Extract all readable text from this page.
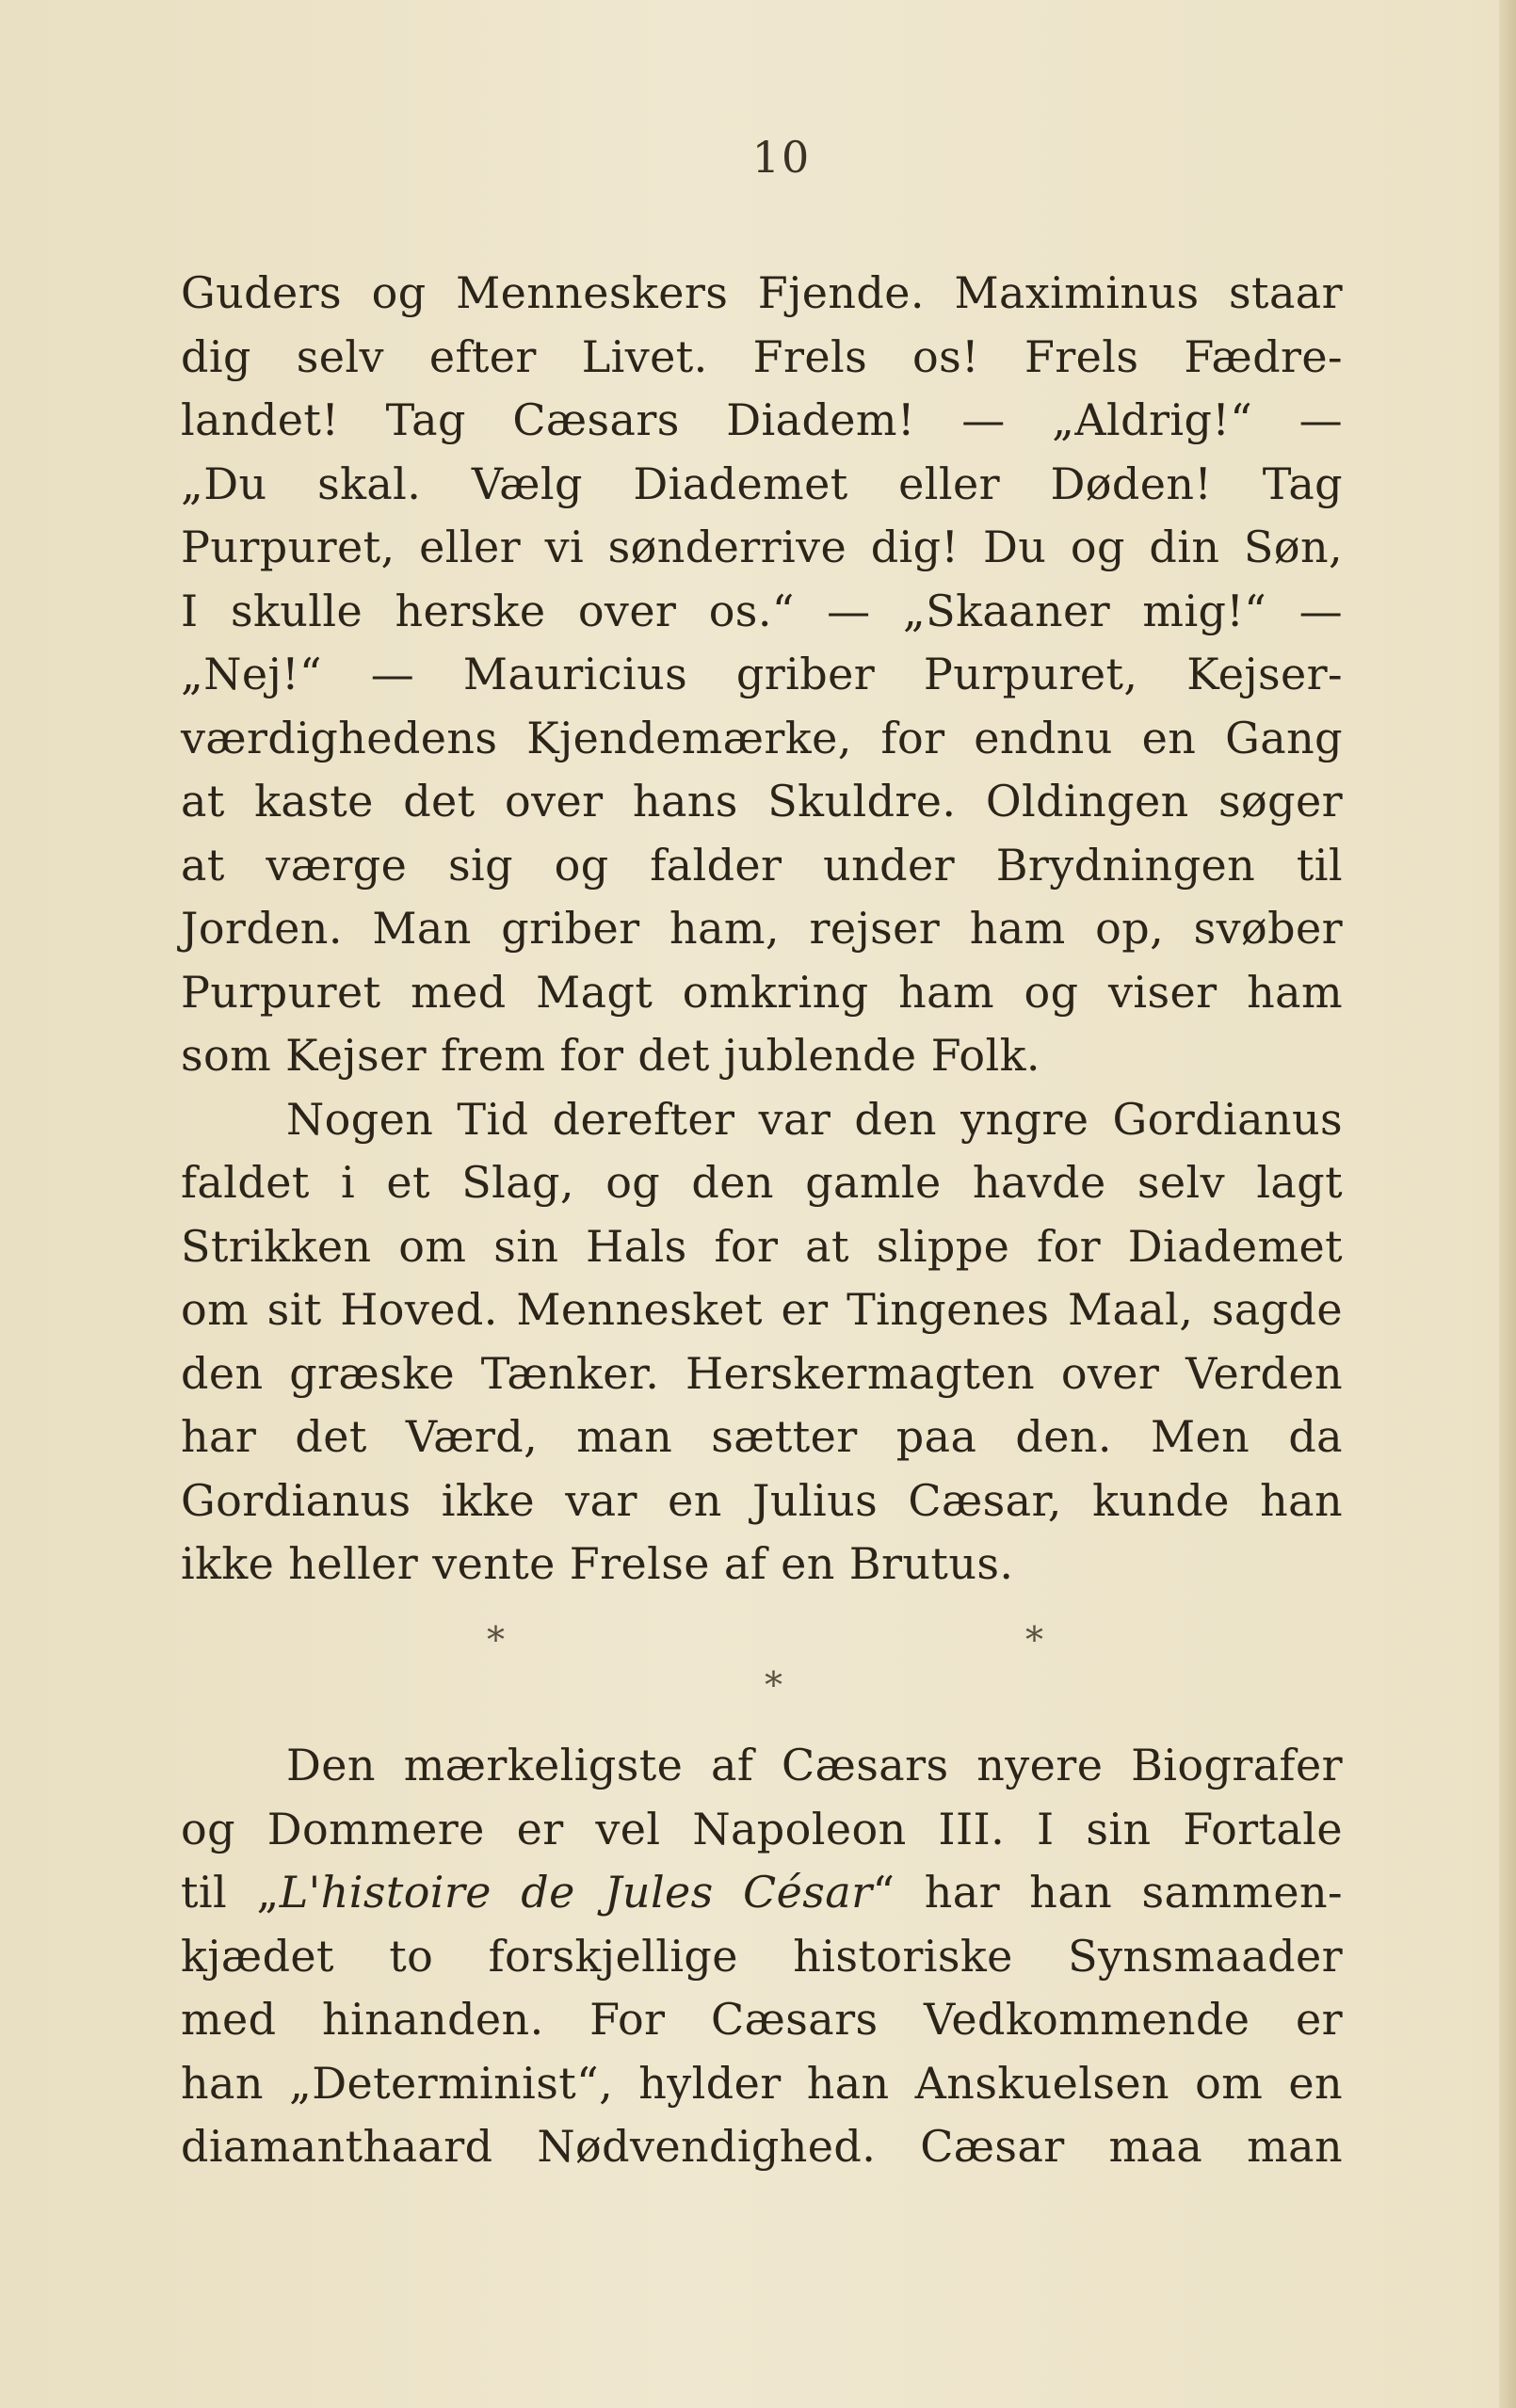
10
Guders og Menneskers Fjende. Maximinus staar
dig selv efter Livet. Frels os! Frels Fædre-
landet! Tag Cæsars Diadem! — „Aldrig!“ —
„Du skal. Vælg Diademet eller Døden! Tag
Purpuret, eller vi sønderrive dig! Du og din Søn,
I skulle herske over os.“ — „Skaaner mig!“ —
„Nej!“ — Mauricius griber Purpuret, Kejser-
værdighedens Kjendemærke, for endnu en Gang
at kaste det over hans Skuldre. Oldingen søger
at værge sig og falder under Brydningen til
Jorden. Man griber ham, rejser ham op, svøber
Purpuret med Magt omkring ham og viser ham
som Kejser frem for det jublende Folk.
Nogen Tid derefter var den yngre Gordianus
faldet i et Slag, og den gamle havde selv lagt
Strikken om sin Hals for at slippe for Diademet
om sit Hoved. Mennesket er Tingenes Maal, sagde
den græske Tænker. Herskermagten over Verden
har det Værd, man sætter paa den. Men da
Gordianus ikke var en Julius Cæsar, kunde han
ikke heller vente Frelse af en Brutus.
*	*
*
Den mærkeligste af Cæsars nyere Biografer
og Dommere er vel Napoleon III. I sin Fortale
til „L'histoire de Jules César“ har han sammen-
kjædet to forskjellige historiske Synsmaader
med hinanden. For Cæsars Vedkommende er
han „Determinist“, hylder han Anskuelsen om en
diamanthaard Nødvendighed. Cæsar maa man
